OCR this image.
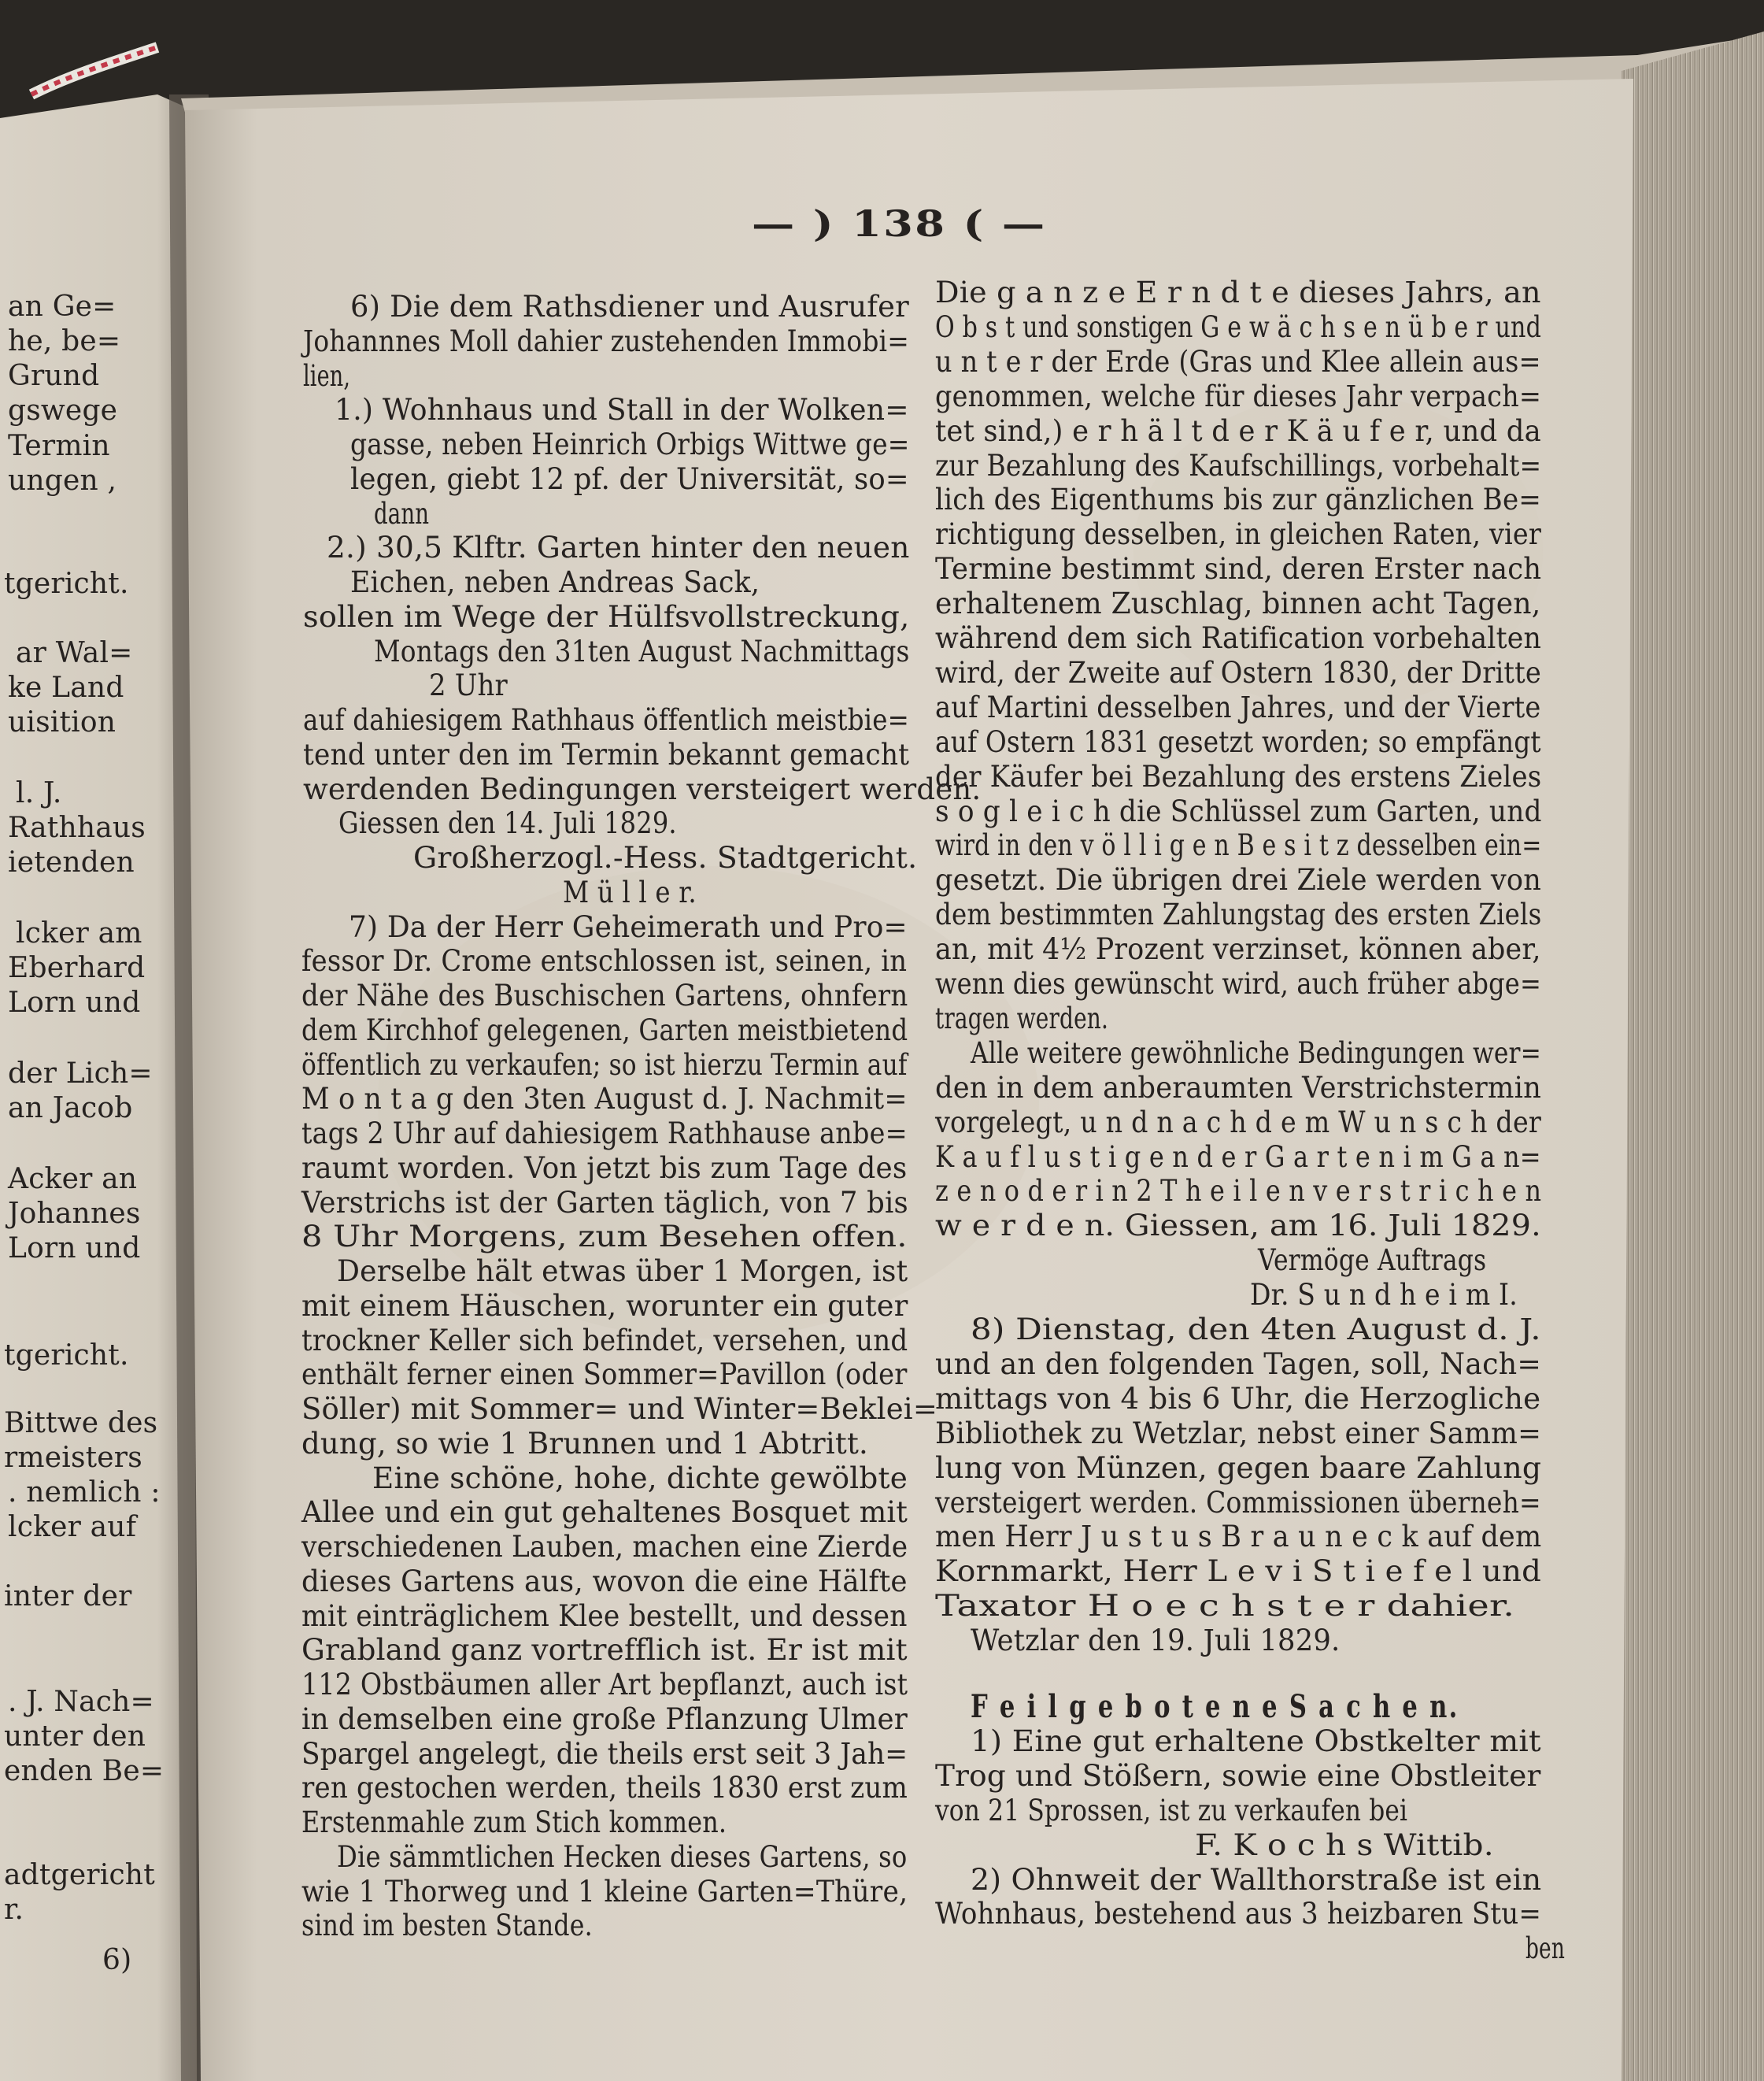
an Ge=
he, be=
Grund
gswege
Termin
ungen ,
tgericht.
ar Wal=
ke Land
uisition
l. J.
Rathhaus
ietenden
lcker am
Eberhard
Lorn und
der Lich=
an Jacob
Acker an
Johannes
Lorn und
tgericht.
Bittwe des
rmeisters
. nemlich :
lcker auf
inter der
. J. Nach=
unter den
enden Be=
adtgericht
r.
6)
— ) 138 ( —
6) Die dem Rathsdiener und Ausrufer
Johannnes Moll dahier zustehenden Immobi=
lien,
1.) Wohnhaus und Stall in der Wolken=
gasse, neben Heinrich Orbigs Wittwe ge=
legen, giebt 12 pf. der Universität, so=
dann
2.) 30,5 Klftr. Garten hinter den neuen
Eichen, neben Andreas Sack,
sollen im Wege der Hülfsvollstreckung,
Montags den 31ten August Nachmittags
2 Uhr
auf dahiesigem Rathhaus öffentlich meistbie=
tend unter den im Termin bekannt gemacht
werdenden Bedingungen versteigert werden.
Giessen den 14. Juli 1829.
Großherzogl.-Hess. Stadtgericht.
M ü l l e r.
7) Da der Herr Geheimerath und Pro=
fessor Dr. Crome entschlossen ist, seinen, in
der Nähe des Buschischen Gartens, ohnfern
dem Kirchhof gelegenen, Garten meistbietend
öffentlich zu verkaufen; so ist hierzu Termin auf
M o n t a g den 3ten August d. J. Nachmit=
tags 2 Uhr auf dahiesigem Rathhause anbe=
raumt worden. Von jetzt bis zum Tage des
Verstrichs ist der Garten täglich, von 7 bis
8 Uhr Morgens, zum Besehen offen.
Derselbe hält etwas über 1 Morgen, ist
mit einem Häuschen, worunter ein guter
trockner Keller sich befindet, versehen, und
enthält ferner einen Sommer=Pavillon (oder
Söller) mit Sommer= und Winter=Beklei=
dung, so wie 1 Brunnen und 1 Abtritt.
Eine schöne, hohe, dichte gewölbte
Allee und ein gut gehaltenes Bosquet mit
verschiedenen Lauben, machen eine Zierde
dieses Gartens aus, wovon die eine Hälfte
mit einträglichem Klee bestellt, und dessen
Grabland ganz vortrefflich ist. Er ist mit
112 Obstbäumen aller Art bepflanzt, auch ist
in demselben eine große Pflanzung Ulmer
Spargel angelegt, die theils erst seit 3 Jah=
ren gestochen werden, theils 1830 erst zum
Erstenmahle zum Stich kommen.
Die sämmtlichen Hecken dieses Gartens, so
wie 1 Thorweg und 1 kleine Garten=Thüre,
sind im besten Stande.
Die g a n z e E r n d t e dieses Jahrs, an
O b s t und sonstigen G e w ä c h s e n ü b e r und
u n t e r der Erde (Gras und Klee allein aus=
genommen, welche für dieses Jahr verpach=
tet sind,) e r h ä l t d e r K ä u f e r, und da
zur Bezahlung des Kaufschillings, vorbehalt=
lich des Eigenthums bis zur gänzlichen Be=
richtigung desselben, in gleichen Raten, vier
Termine bestimmt sind, deren Erster nach
erhaltenem Zuschlag, binnen acht Tagen,
während dem sich Ratification vorbehalten
wird, der Zweite auf Ostern 1830, der Dritte
auf Martini desselben Jahres, und der Vierte
auf Ostern 1831 gesetzt worden; so empfängt
der Käufer bei Bezahlung des erstens Zieles
s o g l e i c h die Schlüssel zum Garten, und
wird in den v ö l l i g e n B e s i t z desselben ein=
gesetzt. Die übrigen drei Ziele werden von
dem bestimmten Zahlungstag des ersten Ziels
an, mit 4½ Prozent verzinset, können aber,
wenn dies gewünscht wird, auch früher abge=
tragen werden.
Alle weitere gewöhnliche Bedingungen wer=
den in dem anberaumten Verstrichstermin
vorgelegt, u n d n a c h d e m W u n s c h der
K a u f l u s t i g e n d e r G a r t e n i m G a n=
z e n o d e r i n 2 T h e i l e n v e r s t r i c h e n
w e r d e n. Giessen, am 16. Juli 1829.
Vermöge Auftrags
Dr. S u n d h e i m I.
8) Dienstag, den 4ten August d. J.
und an den folgenden Tagen, soll, Nach=
mittags von 4 bis 6 Uhr, die Herzogliche
Bibliothek zu Wetzlar, nebst einer Samm=
lung von Münzen, gegen baare Zahlung
versteigert werden. Commissionen überneh=
men Herr J u s t u s B r a u n e c k auf dem
Kornmarkt, Herr L e v i S t i e f e l und
Taxator H o e c h s t e r dahier.
Wetzlar den 19. Juli 1829.
F e i l g e b o t e n e S a c h e n.
1) Eine gut erhaltene Obstkelter mit
Trog und Stößern, sowie eine Obstleiter
von 21 Sprossen, ist zu verkaufen bei
F. K o c h s Wittib.
2) Ohnweit der Wallthorstraße ist ein
Wohnhaus, bestehend aus 3 heizbaren Stu=
ben
